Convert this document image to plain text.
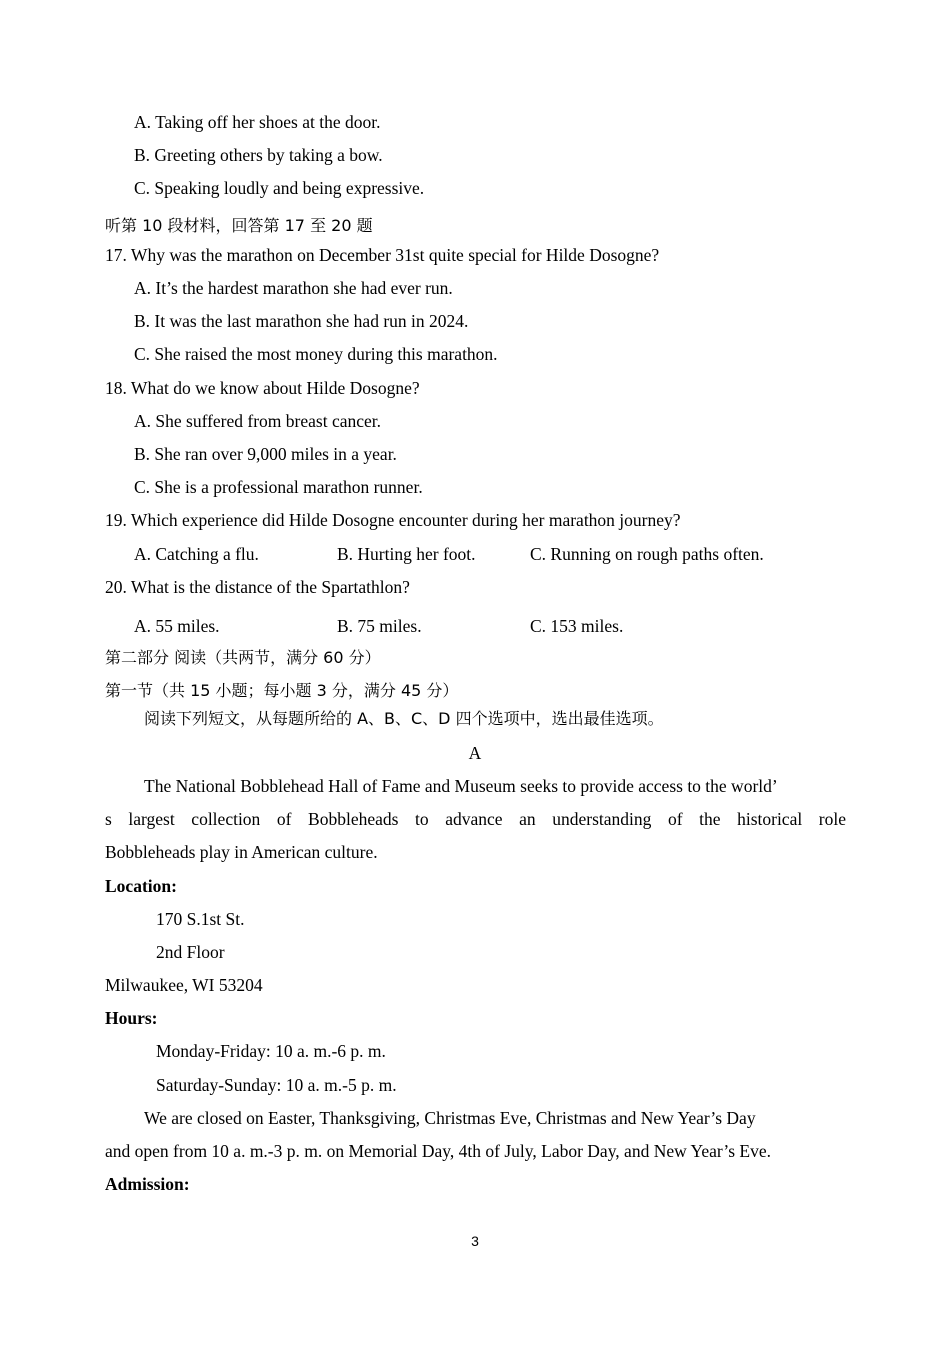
A. Taking off her shoes at the door.
B. Greeting others by taking a bow.
C. Speaking loudly and being expressive.
听第 10 段材料，回答第 17 至 20 题
17. Why was the marathon on December 31st quite special for Hilde Dosogne?
A. It’s the hardest marathon she had ever run.
B. It was the last marathon she had run in 2024.
C. She raised the most money during this marathon.
18. What do we know about Hilde Dosogne?
A. She suffered from breast cancer.
B. She ran over 9,000 miles in a year.
C. She is a professional marathon runner.
19. Which experience did Hilde Dosogne encounter during her marathon journey?
A. Catching a flu.	B. Hurting her foot.	C. Running on rough paths often.
20. What is the distance of the Spartathlon?
A. 55 miles.	B. 75 miles.	C. 153 miles.
第二部分 阅读（共两节，满分 60 分）
第一节（共 15 小题；每小题 3 分，满分 45 分）
阅读下列短文，从每题所给的 A、B、C、D 四个选项中，选出最佳选项。
A
The National Bobblehead Hall of Fame and Museum seeks to provide access to the world’
s largest collection of Bobbleheads to advance an understanding of the historical role
Bobbleheads play in American culture.
Location:
170 S.1st St.
2nd Floor
Milwaukee, WI 53204
Hours:
Monday-Friday: 10 a. m.-6 p. m.
Saturday-Sunday: 10 a. m.-5 p. m.
We are closed on Easter, Thanksgiving, Christmas Eve, Christmas and New Year’s Day
and open from 10 a. m.-3 p. m. on Memorial Day, 4th of July, Labor Day, and New Year’s Eve.
Admission:
3
